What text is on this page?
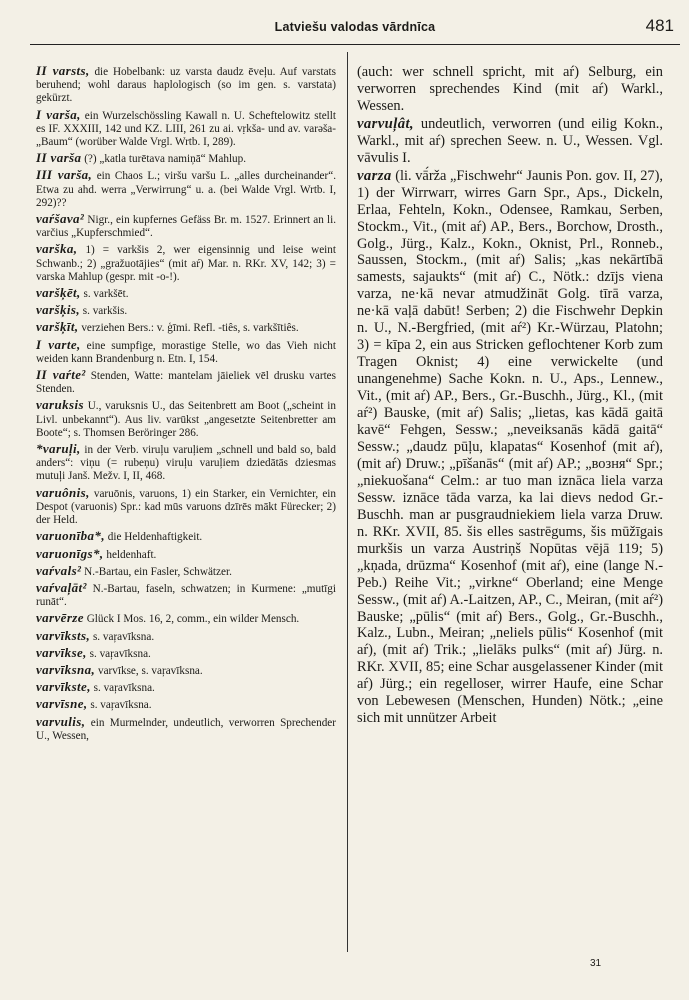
Latviešu valodas vārdnīca	481

II varsts, die Hobelbank: uz varsta daudz ēveļu. Auf varstats beruhend; wohl daraus haplologisch (so im gen. s. varstata) gekürzt.

I varša, ein Wurzelschössling Kawall n. U. Scheftelowitz stellt es IF. XXXIII, 142 und KZ. LIII, 261 zu ai. vṛkša- und av. varǝša- „Baum“ (worüber Walde Vrgl. Wrtb. I, 289).

II varša (?) „katla turētava namiņā“ Mahlup.

III varša, ein Chaos L.; viršu varšu L. „alles durcheinander“. Etwa zu ahd. werra „Verwirrung“ u. a. (bei Walde Vrgl. Wrtb. I, 292)??

vaŕšava² Nigr., ein kupfernes Gefäss Br. m. 1527. Erinnert an li. varčius „Kupferschmied“.

varška, 1) = varkšis 2, wer eigensinnig und leise weint Schwanb.; 2) „gražuotājies“ (mit aŕ) Mar. n. RKr. XV, 142; 3) = varska Mahlup (gespr. mit -o-!).

varšķēt, s. varkšēt.

varšķis, s. varkšis.

varšķīt, verziehen Bers.: v. ģīmi. Refl. -tiês, s. varkšītiês.

I varte, eine sumpfige, morastige Stelle, wo das Vieh nicht weiden kann Brandenburg n. Etn. I, 154.

II vaŕte² Stenden, Watte: mantelam jāieliek vēl drusku vartes Stenden.

varuksis U., varuksnis U., das Seitenbrett am Boot („scheint in Livl. unbekannt“). Aus liv. varūkst „angesetzte Seitenbretter am Boote“; s. Thomsen Beröringer 286.

*varuļi, in der Verb. viruļu varuļiem „schnell und bald so, bald anders“: viņu (= rubeņu) viruļu varuļiem dziedātās dziesmas mutuļi Janš. Mežv. I, II, 468.

varuônis, varuōnis, varuons, 1) ein Starker, ein Vernichter, ein Despot (varuonis) Spr.: kad mūs varuons dzīrēs mākt Fürecker; 2) der Held.

varuonība*, die Heldenhaftigkeit.

varuonīgs*, heldenhaft.

vaŕvals² N.-Bartau, ein Fasler, Schwätzer.

vaŕvaļāt² N.-Bartau, faseln, schwatzen; in Kurmene: „mutīgi runāt“.

varvērze Glück I Mos. 16, 2, comm., ein wilder Mensch.

varvīksts, s. vaŗavīksna.

varvīkse, s. vaŗavīksna.

varvīksna, varvīkse, s. vaŗavīksna.

varvīkste, s. vaŗavīksna.

varvīsne, s. vaŗavīksna.

varvulis, ein Murmelnder, undeutlich, verworren Sprechender U., Wessen,

(auch: wer schnell spricht, mit aŕ) Selburg, ein verworren sprechendes Kind (mit aŕ) Warkl., Wessen.

varvuļât, undeutlich, verworren (und eilig Kokn., Warkl., mit aŕ) sprechen Seew. n. U., Wessen. Vgl. vāvulis I.

varza (li. vā́rža „Fischwehr“ Jaunis Pon. gov. II, 27), 1) der Wirrwarr, wirres Garn Spr., Aps., Dickeln, Erlaa, Fehteln, Kokn., Odensee, Ramkau, Serben, Stockm., Vit., (mit aŕ) AP., Bers., Borchow, Drosth., Golg., Jürg., Kalz., Kokn., Oknist, Prl., Ronneb., Saussen, Stockm., (mit aŕ) Salis; „kas nekārtībā samests, sajaukts“ (mit aŕ) C., Nötk.: dzījs viena varza, ne·kā nevar atmudžināt Golg. tīrā varza, ne·kā vaļā dabūt! Serben; 2) die Fischwehr Depkin n. U., N.-Bergfried, (mit aŕ²) Kr.-Würzau, Platohn; 3) = kīpa 2, ein aus Stricken geflochtener Korb zum Tragen Oknist; 4) eine verwickelte (und unangenehme) Sache Kokn. n. U., Aps., Lennew., Vit., (mit aŕ) AP., Bers., Gr.-Buschh., Jürg., Kl., (mit aŕ²) Bauske, (mit aŕ) Salis; „lietas, kas kādā gaitā kavē“ Fehgen, Sessw.; „neveiksanās kādā gaitā“ Sessw.; „daudz pūļu, klapatas“ Kosenhof (mit aŕ), (mit aŕ) Druw.; „pīšanās“ (mit aŕ) AP.; „возня“ Spr.; „niekuošana“ Celm.: ar tuo man iznāca liela varza Sessw. iznāce tāda varza, ka lai dievs nedod Gr.-Buschh. man ar pusgraudniekiem liela varza Druw. n. RKr. XVII, 85. šis elles sastrēgums, šis mūžīgais murkšis un varza Austriņš Nopūtas vējā 119; 5) „kņada, drūzma“ Kosenhof (mit aŕ), eine (lange N.-Peb.) Reihe Vit.; „virkne“ Oberland; eine Menge Sessw., (mit aŕ) A.-Laitzen, AP., C., Meiran, (mit aŕ²) Bauske; „pūlis“ (mit aŕ) Bers., Golg., Gr.-Buschh., Kalz., Lubn., Meiran; „neliels pūlis“ Kosenhof (mit aŕ), (mit aŕ) Trik.; „lielāks pulks“ (mit aŕ) Jürg. n. RKr. XVII, 85; eine Schar ausgelassener Kinder (mit aŕ) Jürg.; ein regelloser, wirrer Haufe, eine Schar von Lebewesen (Menschen, Hunden) Nötk.; „eine sich mit unnützer Arbeit

31
